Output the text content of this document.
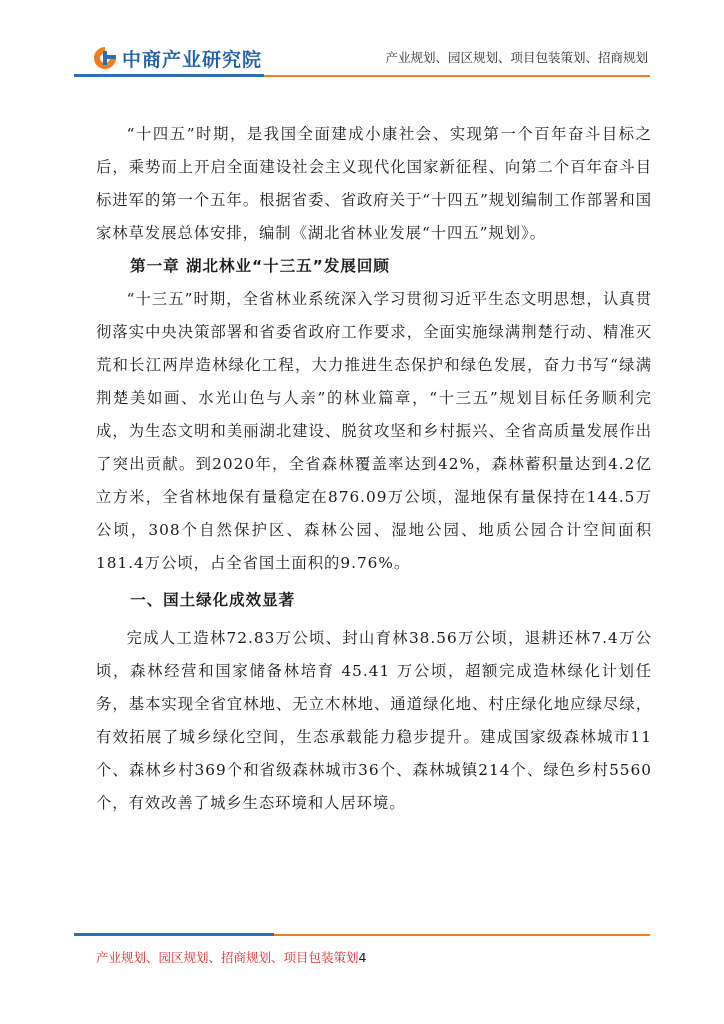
中商产业研究院	产业规划、园区规划、项目包装策划、招商规划

“十四五”时期，是我国全面建成小康社会、实现第一个百年奋斗目标之后，乘势而上开启全面建设社会主义现代化国家新征程、向第二个百年奋斗目标进军的第一个五年。根据省委、省政府关于“十四五”规划编制工作部署和国家林草发展总体安排，编制《湖北省林业发展“十四五”规划》。

第一章 湖北林业“十三五”发展回顾

“十三五”时期，全省林业系统深入学习贯彻习近平生态文明思想，认真贯彻落实中央决策部署和省委省政府工作要求，全面实施绿满荆楚行动、精准灭荒和长江两岸造林绿化工程，大力推进生态保护和绿色发展，奋力书写“绿满荆楚美如画、水光山色与人亲”的林业篇章，“十三五”规划目标任务顺利完成，为生态文明和美丽湖北建设、脱贫攻坚和乡村振兴、全省高质量发展作出了突出贡献。到2020年，全省森林覆盖率达到42%，森林蓄积量达到4.2亿立方米，全省林地保有量稳定在876.09万公顷，湿地保有量保持在144.5万公顷，308个自然保护区、森林公园、湿地公园、地质公园合计空间面积181.4万公顷，占全省国土面积的9.76%。

一、国土绿化成效显著

完成人工造林72.83万公顷、封山育林38.56万公顷，退耕还林7.4万公顷，森林经营和国家储备林培育 45.41 万公顷，超额完成造林绿化计划任务，基本实现全省宜林地、无立木林地、通道绿化地、村庄绿化地应绿尽绿，有效拓展了城乡绿化空间，生态承载能力稳步提升。建成国家级森林城市11个、森林乡村369个和省级森林城市36个、森林城镇214个、绿色乡村5560个，有效改善了城乡生态环境和人居环境。

产业规划、园区规划、招商规划、项目包装策划4
